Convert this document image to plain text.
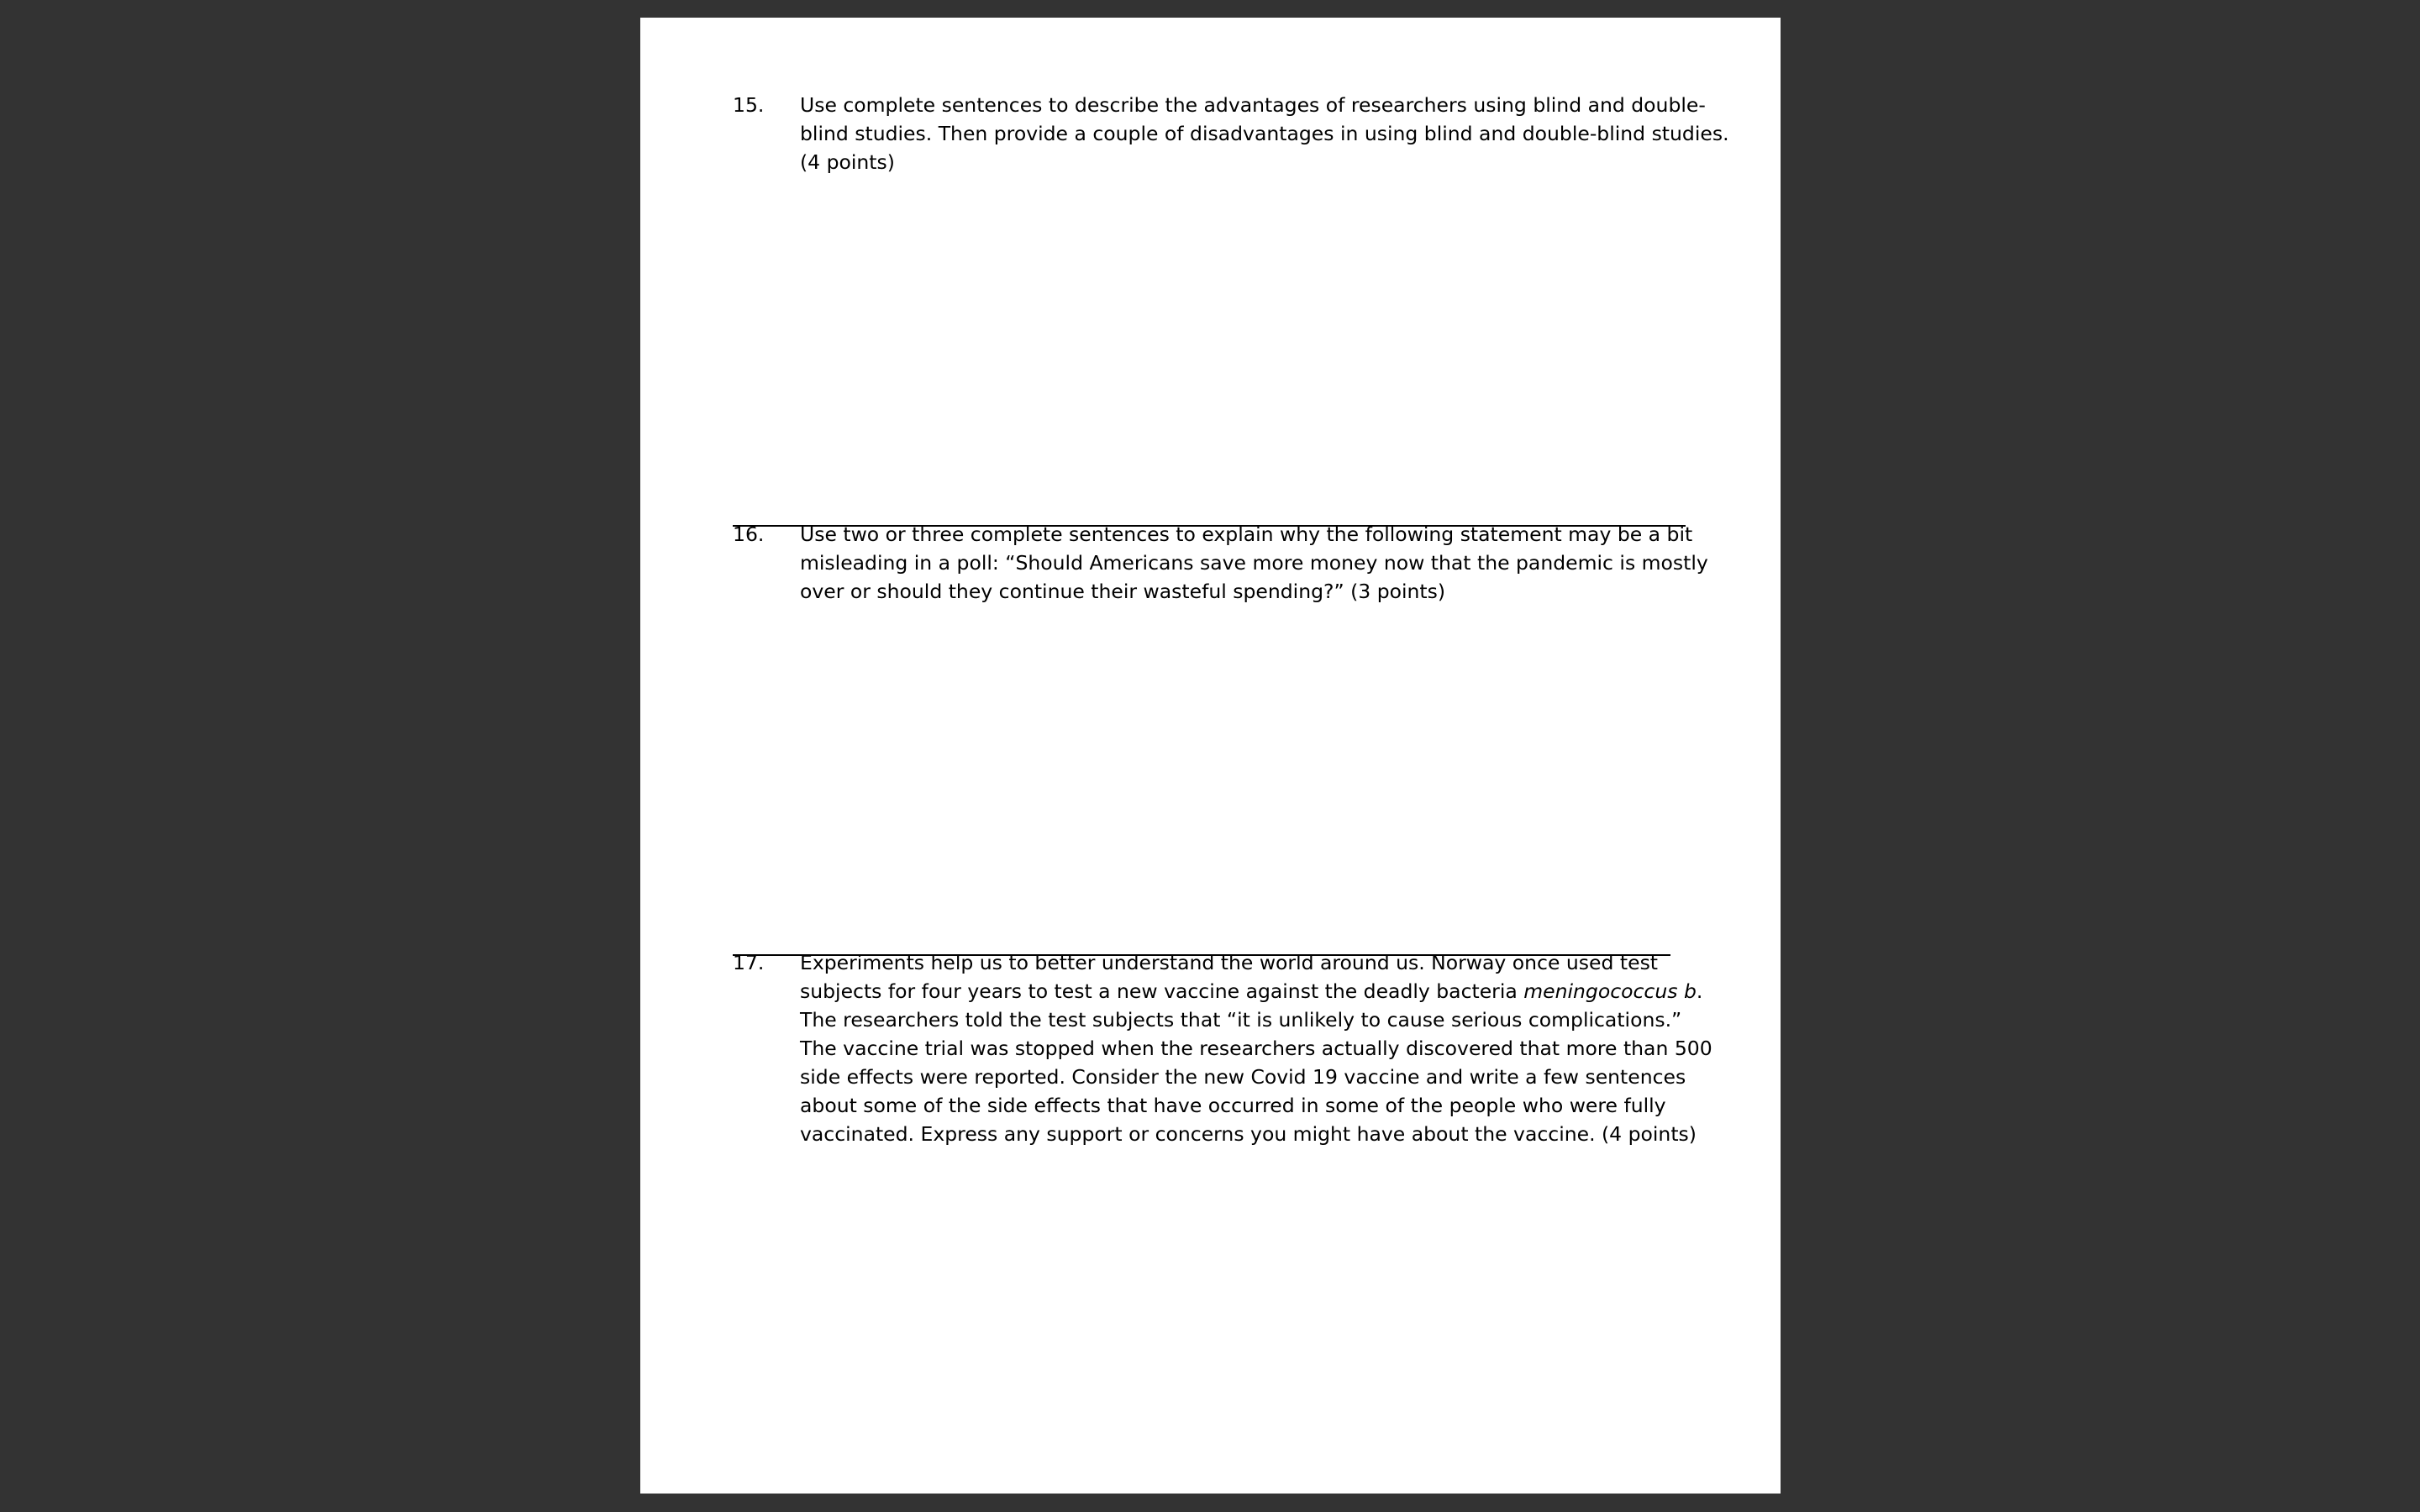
15.	Use complete sentences to describe the advantages of researchers using blind and double-
blind studies. Then provide a couple of disadvantages in using blind and double-blind studies.
(4 points)
16.	Use two or three complete sentences to explain why the following statement may be a bit
misleading in a poll: “Should Americans save more money now that the pandemic is mostly
over or should they continue their wasteful spending?” (3 points)
17.	Experiments help us to better understand the world around us. Norway once used test
subjects for four years to test a new vaccine against the deadly bacteria meningococcus b.
The researchers told the test subjects that “it is unlikely to cause serious complications.”
The vaccine trial was stopped when the researchers actually discovered that more than 500
side effects were reported. Consider the new Covid 19 vaccine and write a few sentences
about some of the side effects that have occurred in some of the people who were fully
vaccinated. Express any support or concerns you might have about the vaccine. (4 points)
